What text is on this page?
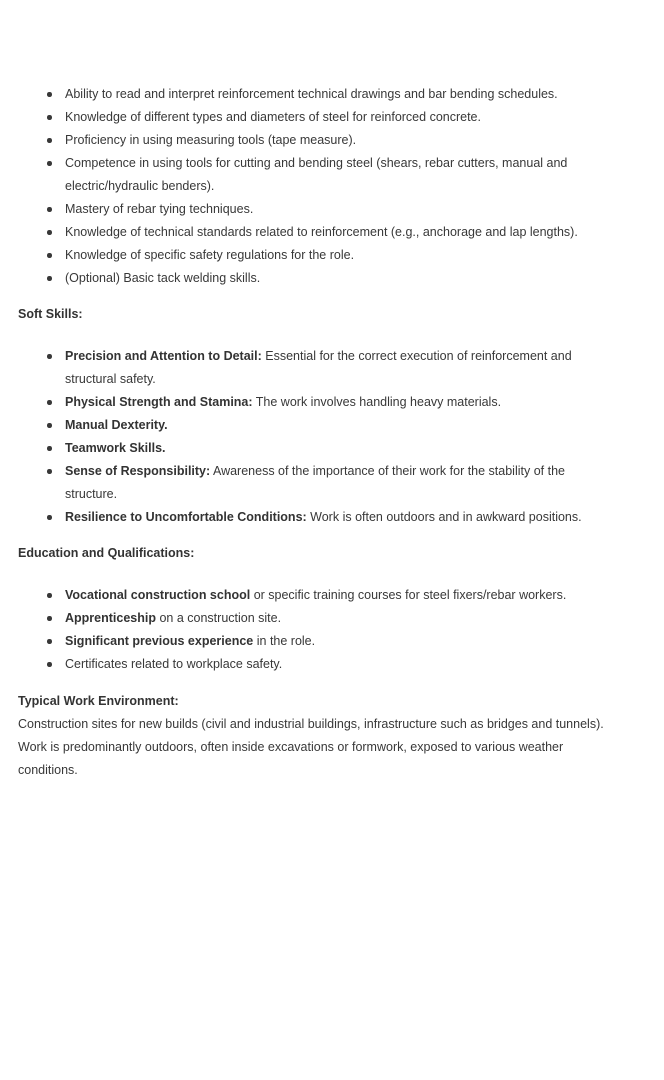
Ability to read and interpret reinforcement technical drawings and bar bending schedules.
Knowledge of different types and diameters of steel for reinforced concrete.
Proficiency in using measuring tools (tape measure).
Competence in using tools for cutting and bending steel (shears, rebar cutters, manual and electric/hydraulic benders).
Mastery of rebar tying techniques.
Knowledge of technical standards related to reinforcement (e.g., anchorage and lap lengths).
Knowledge of specific safety regulations for the role.
(Optional) Basic tack welding skills.

Soft Skills:

Precision and Attention to Detail: Essential for the correct execution of reinforcement and structural safety.
Physical Strength and Stamina: The work involves handling heavy materials.
Manual Dexterity.
Teamwork Skills.
Sense of Responsibility: Awareness of the importance of their work for the stability of the structure.
Resilience to Uncomfortable Conditions: Work is often outdoors and in awkward positions.

Education and Qualifications:

Vocational construction school or specific training courses for steel fixers/rebar workers.
Apprenticeship on a construction site.
Significant previous experience in the role.
Certificates related to workplace safety.

Typical Work Environment:

Construction sites for new builds (civil and industrial buildings, infrastructure such as bridges and tunnels). Work is predominantly outdoors, often inside excavations or formwork, exposed to various weather conditions.
